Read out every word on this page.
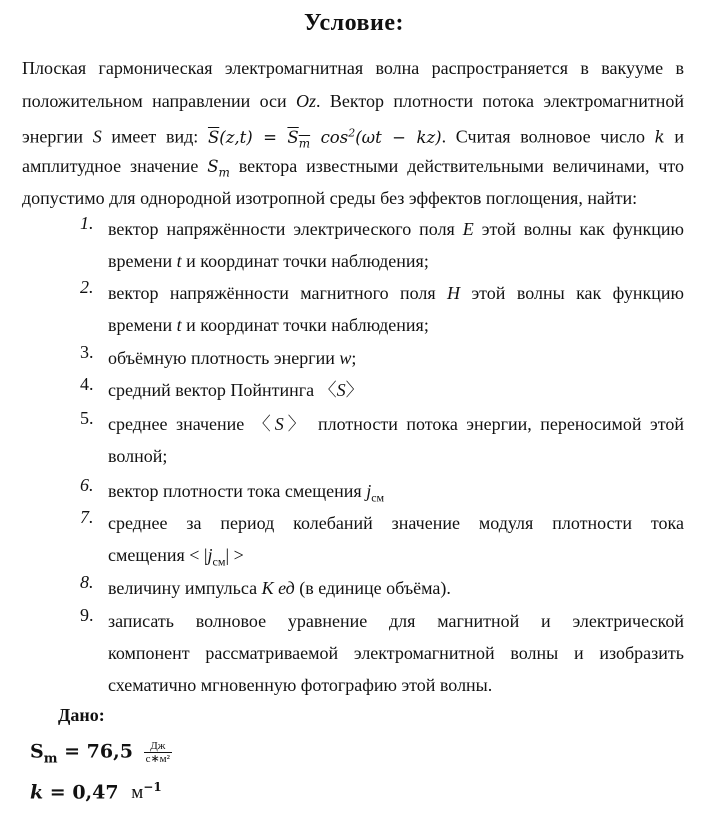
Условие:
Плоская гармоническая электромагнитная волна распространяется в вакууме в
положительном направлении оси Oz. Вектор плотности потока электромагнитной
энергии S имеет вид: $\overline{S}(z,t) = S_m$ $\cos^2(\omega t - kz)$. Считая волновое число k и
амплитудное значение $S_m$ вектора известными действительными величинами, что
допустимо для однородной изотропной среды без эффектов поглощения, найти:
1. вектор напряжённости электрического поля E этой волны как функцию
времени t и координат точки наблюдения;
2. вектор напряжённости магнитного поля H этой волны как функцию
времени t и координат точки наблюдения;
3. объёмную плотность энергии w;
4. средний вектор Пойнтинга 〈S〉
5. среднее значение 〈S〉 плотности потока энергии, переносимой этой
волной;
6. вектор плотности тока смещения $j_{см}$
7. среднее за период колебаний значение модуля плотности тока
смещения < $|j_{см}|$ >
8. величину импульса K ед (в единице объёма).
9. записать волновое уравнение для магнитной и электрической
компонент рассматриваемой электромагнитной волны и изобразить
схематично мгновенную фотографию этой волны.
Дано:
$S_m = 76,5 \frac{Дж}{\text{с∗м²}}$
k = 0,47 $м^{-1}$
